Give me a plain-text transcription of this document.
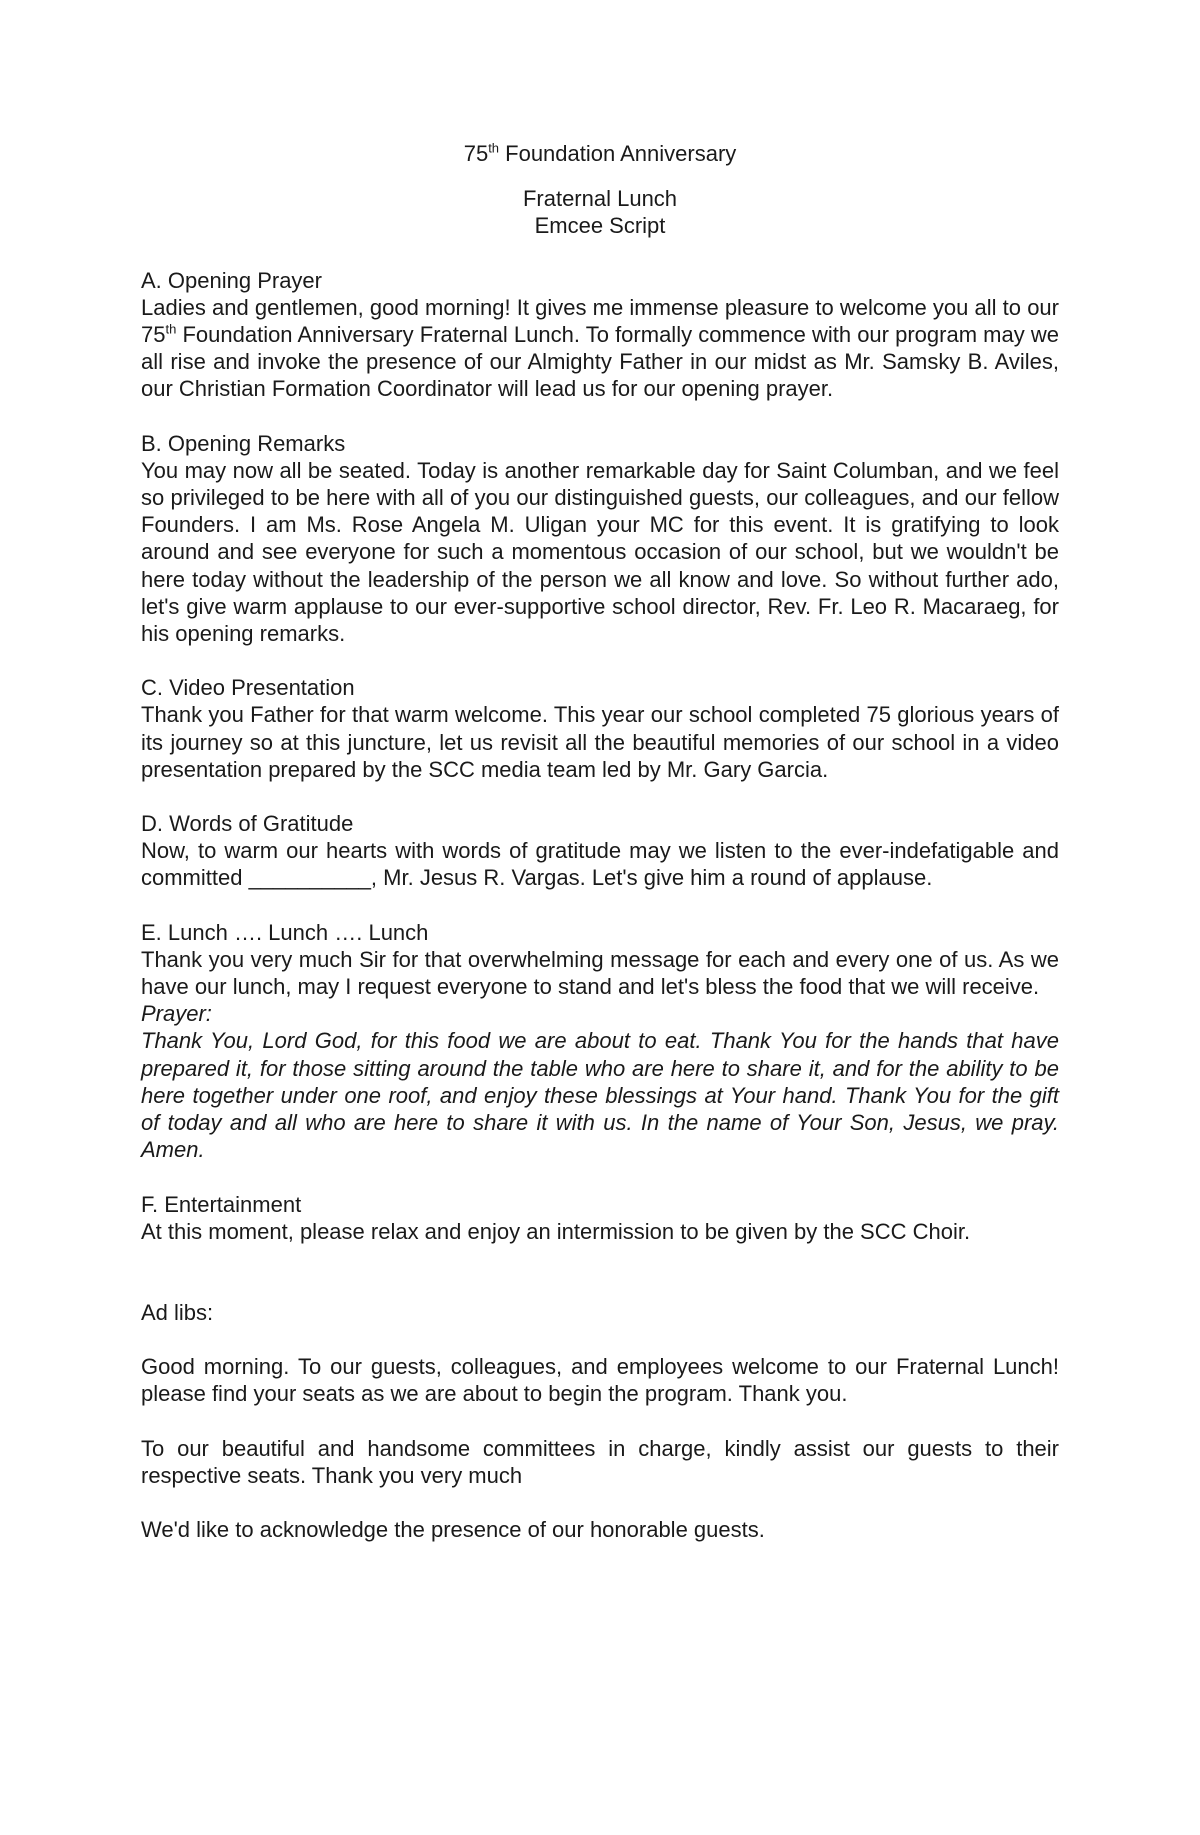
75th Foundation Anniversary
Fraternal Lunch
Emcee Script
A. Opening Prayer
Ladies and gentlemen, good morning! It gives me immense pleasure to welcome you all to our 75th Foundation Anniversary Fraternal Lunch. To formally commence with our program may we all rise and invoke the presence of our Almighty Father in our midst as Mr. Samsky B. Aviles, our Christian Formation Coordinator will lead us for our opening prayer.
B. Opening Remarks
You may now all be seated. Today is another remarkable day for Saint Columban, and we feel so privileged to be here with all of you our distinguished guests, our colleagues, and our fellow Founders. I am Ms. Rose Angela M. Uligan your MC for this event. It is gratifying to look around and see everyone for such a momentous occasion of our school, but we wouldn't be here today without the leadership of the person we all know and love. So without further ado, let's give warm applause to our ever-supportive school director, Rev. Fr. Leo R. Macaraeg, for his opening remarks.
C. Video Presentation
Thank you Father for that warm welcome. This year our school completed 75 glorious years of its journey so at this juncture, let us revisit all the beautiful memories of our school in a video presentation prepared by the SCC media team led by Mr. Gary Garcia.
D. Words of Gratitude
Now, to warm our hearts with words of gratitude may we listen to the ever-indefatigable and committed __________, Mr. Jesus R. Vargas. Let's give him a round of applause.
E. Lunch …. Lunch …. Lunch
Thank you very much Sir for that overwhelming message for each and every one of us. As we have our lunch, may I request everyone to stand and let's bless the food that we will receive.
Prayer:
Thank You, Lord God, for this food we are about to eat. Thank You for the hands that have prepared it, for those sitting around the table who are here to share it, and for the ability to be here together under one roof, and enjoy these blessings at Your hand. Thank You for the gift of today and all who are here to share it with us. In the name of Your Son, Jesus, we pray. Amen.
F. Entertainment
At this moment, please relax and enjoy an intermission to be given by the SCC Choir.
Ad libs:
Good morning. To our guests, colleagues, and employees welcome to our Fraternal Lunch! please find your seats as we are about to begin the program. Thank you.
To our beautiful and handsome committees in charge, kindly assist our guests to their respective seats. Thank you very much
We'd like to acknowledge the presence of our honorable guests.
